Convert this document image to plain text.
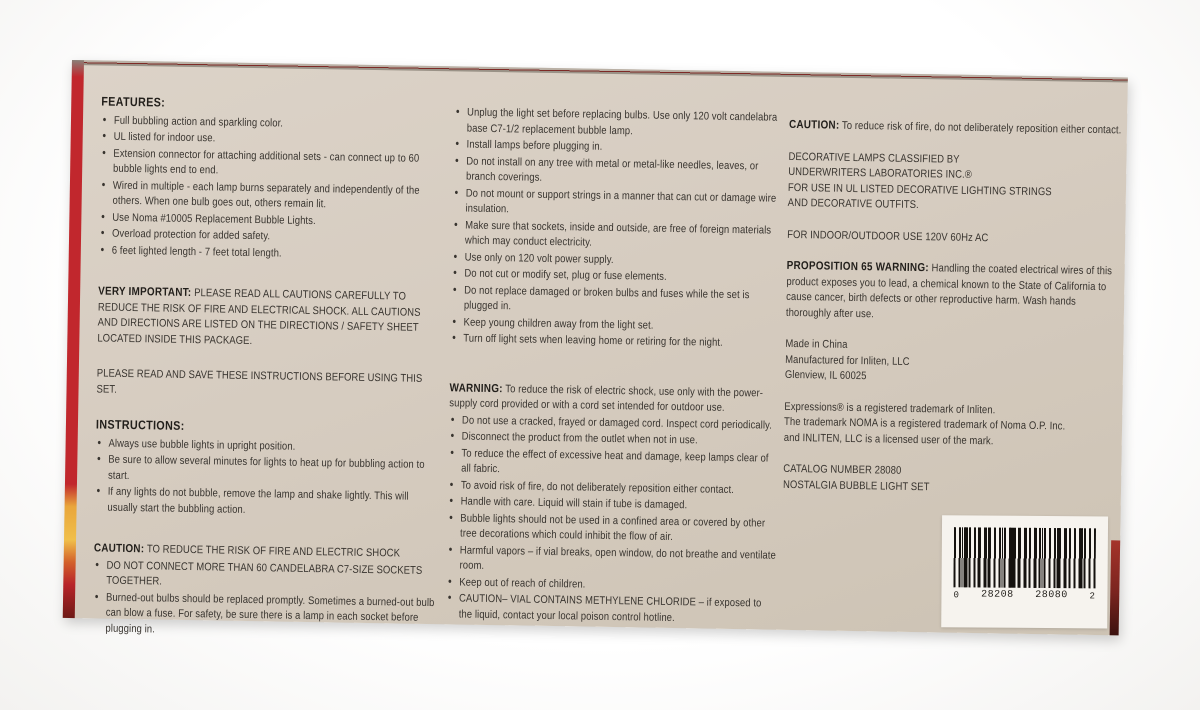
FEATURES:
• Full bubbling action and sparkling color.
• UL listed for indoor use.
• Extension connector for attaching additional sets - can connect up to 60 bubble lights end to end.
• Wired in multiple - each lamp burns separately and independently of the others. When one bulb goes out, others remain lit.
• Use Noma #10005 Replacement Bubble Lights.
• Overload protection for added safety.
• 6 feet lighted length - 7 feet total length.

VERY IMPORTANT: PLEASE READ ALL CAUTIONS CAREFULLY TO REDUCE THE RISK OF FIRE AND ELECTRICAL SHOCK. ALL CAUTIONS AND DIRECTIONS ARE LISTED ON THE DIRECTIONS / SAFETY SHEET LOCATED INSIDE THIS PACKAGE.

PLEASE READ AND SAVE THESE INSTRUCTIONS BEFORE USING THIS SET.

INSTRUCTIONS:
• Always use bubble lights in upright position.
• Be sure to allow several minutes for lights to heat up for bubbling action to start.
• If any lights do not bubble, remove the lamp and shake lightly. This will usually start the bubbling action.

CAUTION: TO REDUCE THE RISK OF FIRE AND ELECTRIC SHOCK

• DO NOT CONNECT MORE THAN 60 CANDELABRA C7-SIZE SOCKETS TOGETHER.
• Burned-out bulbs should be replaced promptly. Sometimes a burned-out bulb can blow a fuse. For safety, be sure there is a lamp in each socket before plugging in.
• Unplug the light set before replacing bulbs. Use only 120 volt candelabra base C7-1/2 replacement bubble lamp.
• Install lamps before plugging in.
• Do not install on any tree with metal or metal-like needles, leaves, or branch coverings.
• Do not mount or support strings in a manner that can cut or damage wire insulation.
• Make sure that sockets, inside and outside, are free of foreign materials which may conduct electricity.
• Use only on 120 volt power supply.
• Do not cut or modify set, plug or fuse elements.
• Do not replace damaged or broken bulbs and fuses while the set is plugged in.
• Keep young children away from the light set.
• Turn off light sets when leaving home or retiring for the night.

WARNING: To reduce the risk of electric shock, use only with the power-supply cord provided or with a cord set intended for outdoor use.

• Do not use a cracked, frayed or damaged cord. Inspect cord periodically.
• Disconnect the product from the outlet when not in use.
• To reduce the effect of excessive heat and damage, keep lamps clear of all fabric.
• To avoid risk of fire, do not deliberately reposition either contact.
• Handle with care. Liquid will stain if tube is damaged.
• Bubble lights should not be used in a confined area or covered by other tree decorations which could inhibit the flow of air.
• Harmful vapors – if vial breaks, open window, do not breathe and ventilate room.
• Keep out of reach of children.
• CAUTION– VIAL CONTAINS METHYLENE CHLORIDE – if exposed to the liquid, contact your local poison control hotline.

CAUTION: To reduce risk of fire, do not deliberately reposition either contact.

DECORATIVE LAMPS CLASSIFIED BY
UNDERWRITERS LABORATORIES INC.®
FOR USE IN UL LISTED DECORATIVE LIGHTING STRINGS
AND DECORATIVE OUTFITS.

FOR INDOOR/OUTDOOR USE 120V 60Hz AC

PROPOSITION 65 WARNING: Handling the coated electrical wires of this product exposes you to lead, a chemical known to the State of California to cause cancer, birth defects or other reproductive harm. Wash hands thoroughly after use.

Made in China
Manufactured for Inliten, LLC
Glenview, IL 60025
Expressions® is a registered trademark of Inliten.
The trademark NOMA is a registered trademark of Noma O.P. Inc.
and INLITEN, LLC is a licensed user of the mark.
CATALOG NUMBER 28080
NOSTALGIA BUBBLE LIGHT SET
0 28208 28080 2
